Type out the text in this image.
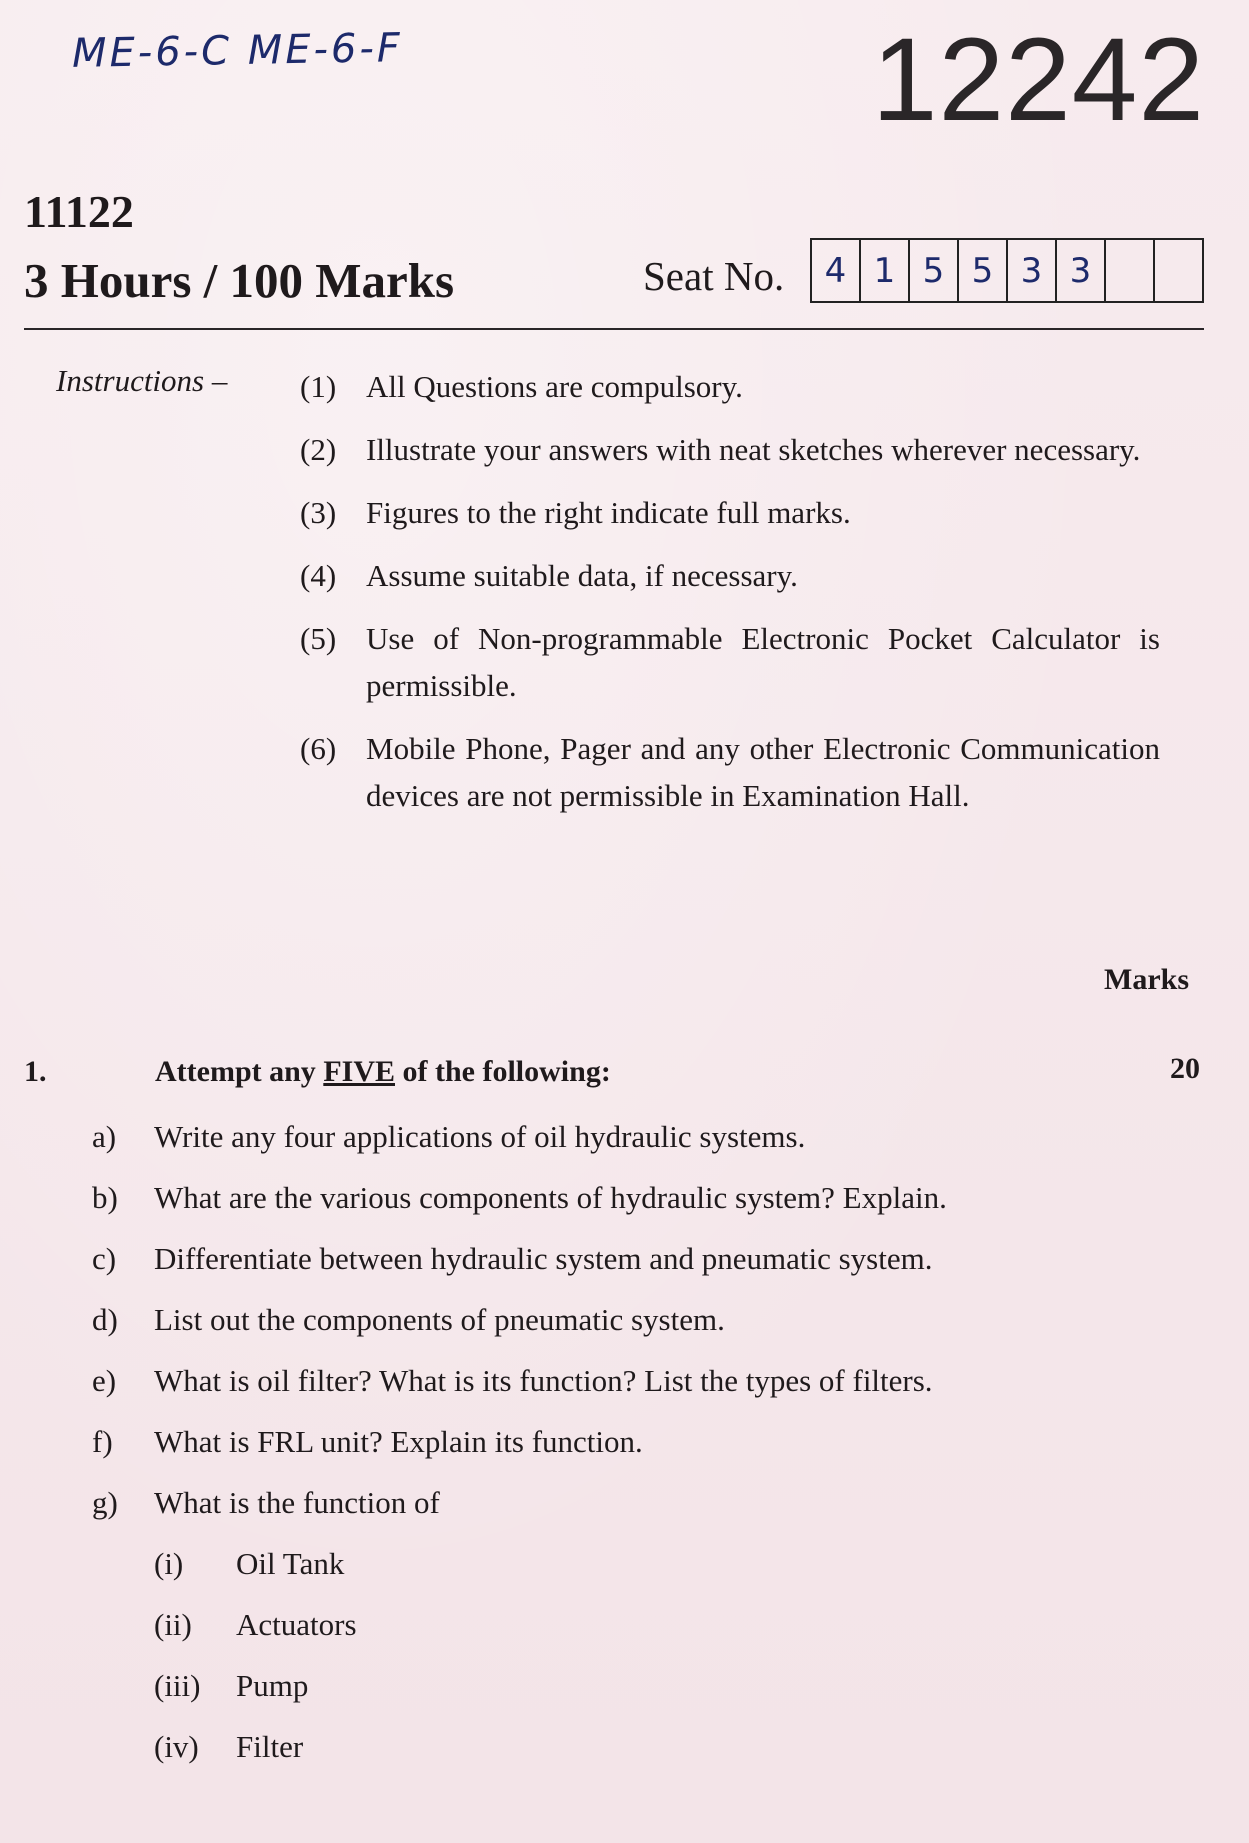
ME-6-C ME-6-F	12242
11122
3 Hours / 100 Marks	Seat No.	4 1 5 5 3 3
Instructions – (1) All Questions are compulsory.
(2) Illustrate your answers with neat sketches wherever necessary.
(3) Figures to the right indicate full marks.
(4) Assume suitable data, if necessary.
(5) Use of Non-programmable Electronic Pocket Calculator is permissible.
(6) Mobile Phone, Pager and any other Electronic Communication devices are not permissible in Examination Hall.
Marks
1.	Attempt any FIVE of the following:	20
a)	Write any four applications of oil hydraulic systems.
b)	What are the various components of hydraulic system? Explain.
c)	Differentiate between hydraulic system and pneumatic system.
d)	List out the components of pneumatic system.
e)	What is oil filter? What is its function? List the types of filters.
f)	What is FRL unit? Explain its function.
g)	What is the function of
(i)	Oil Tank
(ii)	Actuators
(iii)	Pump
(iv)	Filter
